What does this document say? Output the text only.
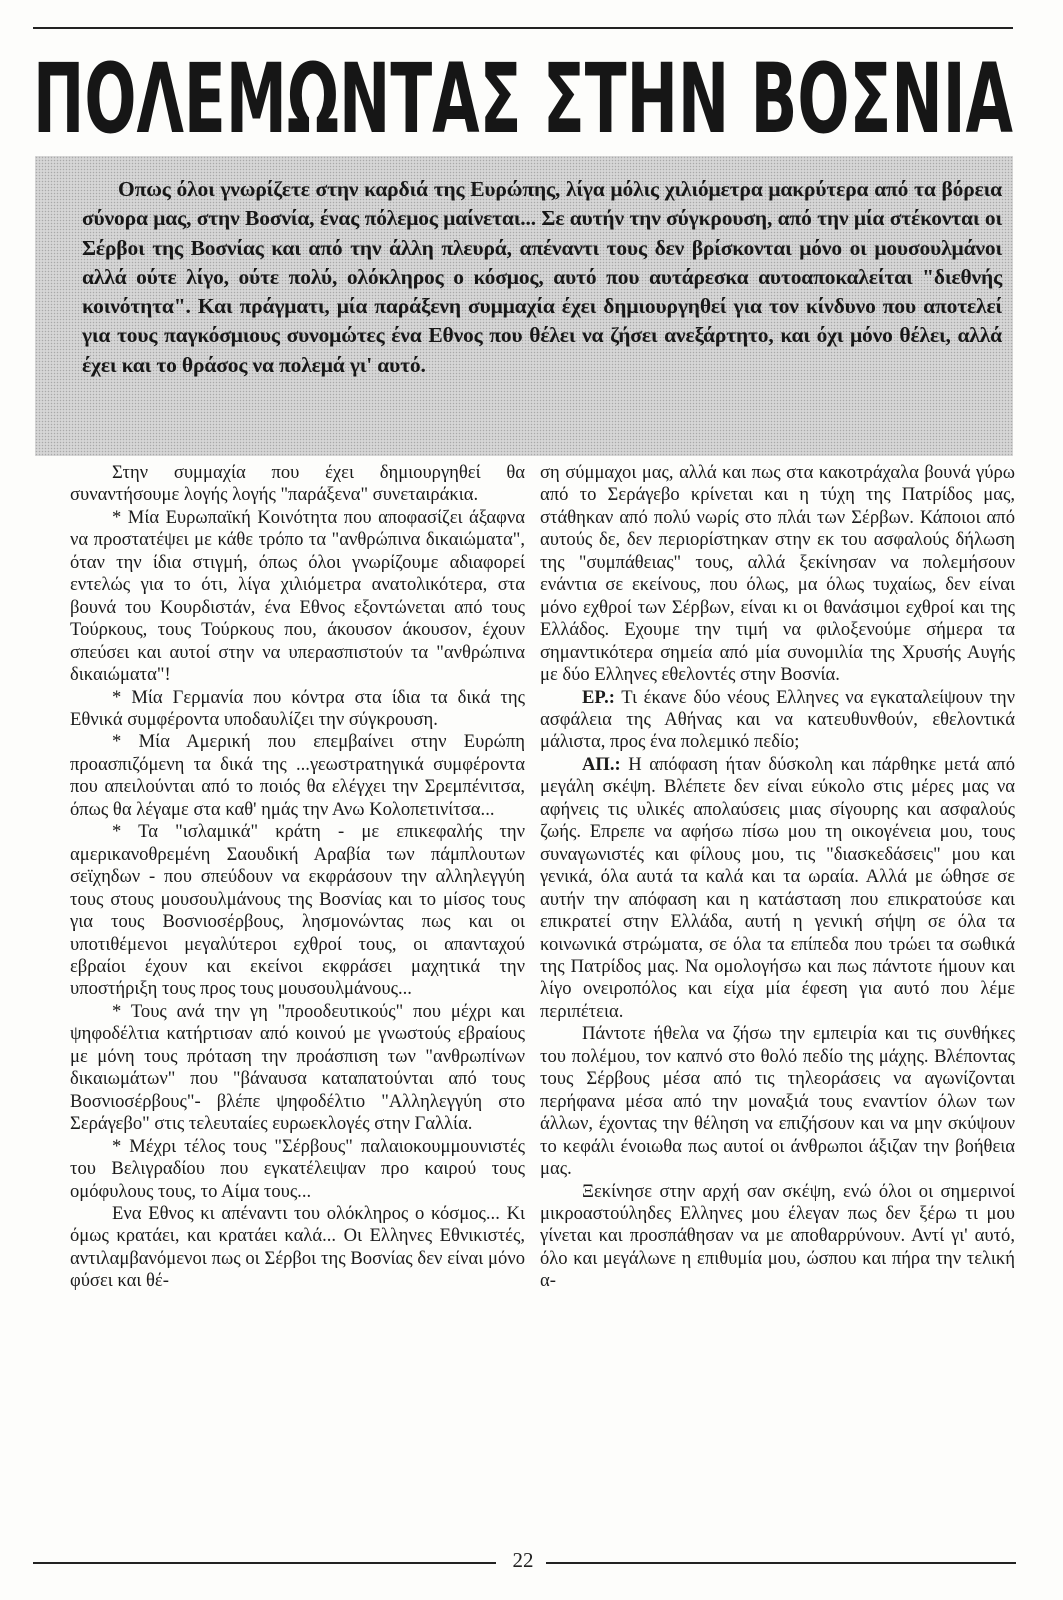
ΠΟΛΕΜΩΝΤΑΣ ΣΤΗΝ ΒΟΣΝΙΑ

Οπως όλοι γνωρίζετε στην καρδιά της Ευρώπης, λίγα μόλις χιλιόμετρα μακρύτερα από τα βόρεια σύνορα μας, στην Βοσνία, ένας πόλεμος μαίνεται... Σε αυτήν την σύγκρουση, από την μία στέκονται οι Σέρβοι της Βοσνίας και από την άλλη πλευρά, απέναντι τους δεν βρίσκονται μόνο οι μουσουλμάνοι αλλά ούτε λίγο, ούτε πολύ, ολόκληρος ο κόσμος, αυτό που αυτάρεσκα αυτοαποκαλείται "διεθνής κοινότητα". Και πράγματι, μία παράξενη συμμαχία έχει δημιουργηθεί για τον κίνδυνο που αποτελεί για τους παγκόσμιους συνομώτες ένα Εθνος που θέλει να ζήσει ανεξάρτητο, και όχι μόνο θέλει, αλλά έχει και το θράσος να πολεμά γι' αυτό.

Στην συμμαχία που έχει δημιουργηθεί θα συναντήσουμε λογής λογής "παράξενα" συνεταιράκια.

* Μία Ευρωπαϊκή Κοινότητα που αποφασίζει άξαφνα να προστατέψει με κάθε τρόπο τα "ανθρώπινα δικαιώματα", όταν την ίδια στιγμή, όπως όλοι γνωρίζουμε αδιαφορεί εντελώς για το ότι, λίγα χιλιόμετρα ανατολικότερα, στα βουνά του Κουρδιστάν, ένα Εθνος εξοντώνεται από τους Τούρκους, τους Τούρκους που, άκουσον άκουσον, έχουν σπεύσει και αυτοί στην να υπερασπιστούν τα "ανθρώπινα δικαιώματα"!

* Μία Γερμανία που κόντρα στα ίδια τα δικά της Εθνικά συμφέροντα υποδαυλίζει την σύγκρουση.

* Μία Αμερική που επεμβαίνει στην Ευρώπη προασπιζόμενη τα δικά της ...γεωστρατηγικά συμφέροντα που απειλούνται από το ποιός θα ελέγχει την Σρεμπένιτσα, όπως θα λέγαμε στα καθ' ημάς την Ανω Κολοπετινίτσα...

* Τα "ισλαμικά" κράτη - με επικεφαλής την αμερικανοθρεμένη Σαουδική Αραβία των πάμπλουτων σεϊχηδων - που σπεύδουν να εκφράσουν την αλληλεγγύη τους στους μουσουλμάνους της Βοσνίας και το μίσος τους για τους Βοσνιοσέρβους, λησμονώντας πως και οι υποτιθέμενοι μεγαλύτεροι εχθροί τους, οι απανταχού εβραίοι έχουν και εκείνοι εκφράσει μαχητικά την υποστήριξη τους προς τους μουσουλμάνους...

* Τους ανά την γη "προοδευτικούς" που μέχρι και ψηφοδέλτια κατήρτισαν από κοινού με γνωστούς εβραίους με μόνη τους πρόταση την προάσπιση των "ανθρωπίνων δικαιωμάτων" που "βάναυσα καταπατούνται από τους Βοσνιοσέρβους"- βλέπε ψηφοδέλτιο "Αλληλεγγύη στο Σεράγεβο" στις τελευταίες ευρωεκλογές στην Γαλλία.

* Μέχρι τέλος τους "Σέρβους" παλαιοκουμμουνιστές του Βελιγραδίου που εγκατέλειψαν προ καιρού τους ομόφυλους τους, το Αίμα τους...

Ενα Εθνος κι απέναντι του ολόκληρος ο κόσμος... Κι όμως κρατάει, και κρατάει καλά... Οι Ελληνες Εθνικιστές, αντιλαμβανόμενοι πως οι Σέρβοι της Βοσνίας δεν είναι μόνο φύσει και θέ-

ση σύμμαχοι μας, αλλά και πως στα κακοτράχαλα βουνά γύρω από το Σεράγεβο κρίνεται και η τύχη της Πατρίδος μας, στάθηκαν από πολύ νωρίς στο πλάι των Σέρβων. Κάποιοι από αυτούς δε, δεν περιορίστηκαν στην εκ του ασφαλούς δήλωση της "συμπάθειας" τους, αλλά ξεκίνησαν να πολεμήσουν ενάντια σε εκείνους, που όλως, μα όλως τυχαίως, δεν είναι μόνο εχθροί των Σέρβων, είναι κι οι θανάσιμοι εχθροί και της Ελλάδος. Εχουμε την τιμή να φιλοξενούμε σήμερα τα σημαντικότερα σημεία από μία συνομιλία της Χρυσής Αυγής με δύο Ελληνες εθελοντές στην Βοσνία.

ΕΡ.: Τι έκανε δύο νέους Ελληνες να εγκαταλείψουν την ασφάλεια της Αθήνας και να κατευθυνθούν, εθελοντικά μάλιστα, προς ένα πολεμικό πεδίο;

ΑΠ.: Η απόφαση ήταν δύσκολη και πάρθηκε μετά από μεγάλη σκέψη. Βλέπετε δεν είναι εύκολο στις μέρες μας να αφήνεις τις υλικές απολαύσεις μιας σίγουρης και ασφαλούς ζωής. Επρεπε να αφήσω πίσω μου τη οικογένεια μου, τους συναγωνιστές και φίλους μου, τις "διασκεδάσεις" μου και γενικά, όλα αυτά τα καλά και τα ωραία. Αλλά με ώθησε σε αυτήν την απόφαση και η κατάσταση που επικρατούσε και επικρατεί στην Ελλάδα, αυτή η γενική σήψη σε όλα τα κοινωνικά στρώματα, σε όλα τα επίπεδα που τρώει τα σωθικά της Πατρίδος μας. Να ομολογήσω και πως πάντοτε ήμουν και λίγο ονειροπόλος και είχα μία έφεση για αυτό που λέμε περιπέτεια.

Πάντοτε ήθελα να ζήσω την εμπειρία και τις συνθήκες του πολέμου, τον καπνό στο θολό πεδίο της μάχης. Βλέποντας τους Σέρβους μέσα από τις τηλεοράσεις να αγωνίζονται περήφανα μέσα από την μοναξιά τους εναντίον όλων των άλλων, έχοντας την θέληση να επιζήσουν και να μην σκύψουν το κεφάλι ένοιωθα πως αυτοί οι άνθρωποι άξιζαν την βοήθεια μας.

Ξεκίνησε στην αρχή σαν σκέψη, ενώ όλοι οι σημερινοί μικροαστούληδες Ελληνες μου έλεγαν πως δεν ξέρω τι μου γίνεται και προσπάθησαν να με αποθαρρύνουν. Αντί γι' αυτό, όλο και μεγάλωνε η επιθυμία μου, ώσπου και πήρα την τελική α-

22
